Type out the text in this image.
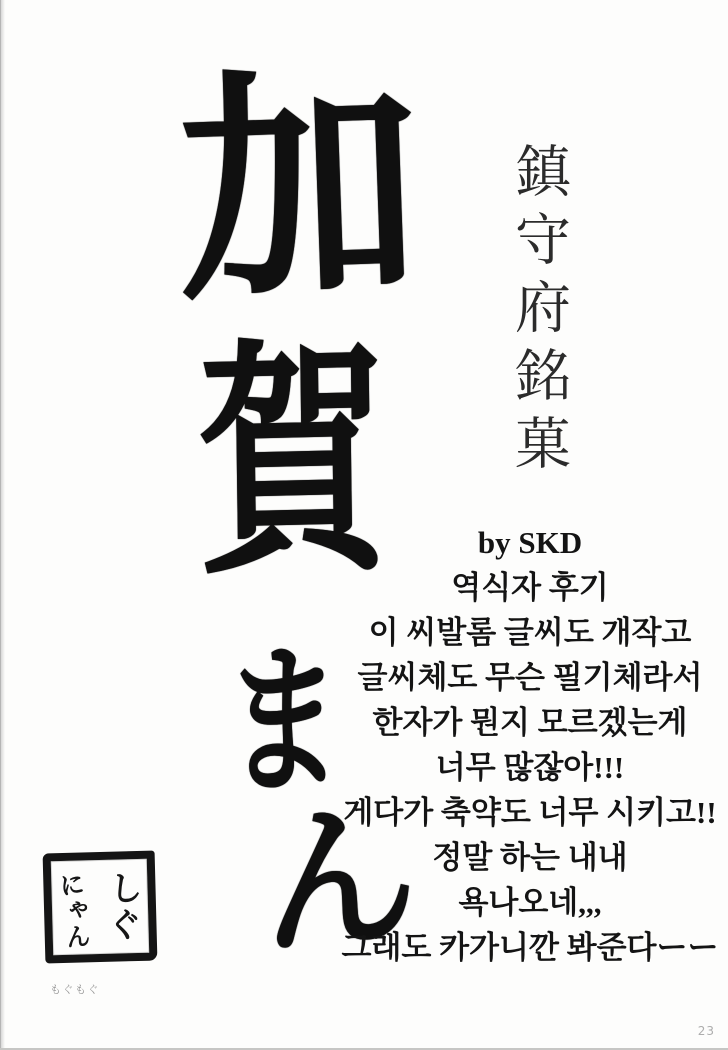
加
賀
ま
ん
鎮守府銘菓
by SKD
역식자 후기
이 씨발롬 글씨도 개작고
글씨체도 무슨 필기체라서
한자가 뭔지 모르겠는게
너무 많잖아!!!
게다가 축약도 너무 시키고!!
정말 하는 내내
욕나오네,,,
그래도 카가니깐 봐준다ーー
しぐ
にゃん
もぐもぐ
23
